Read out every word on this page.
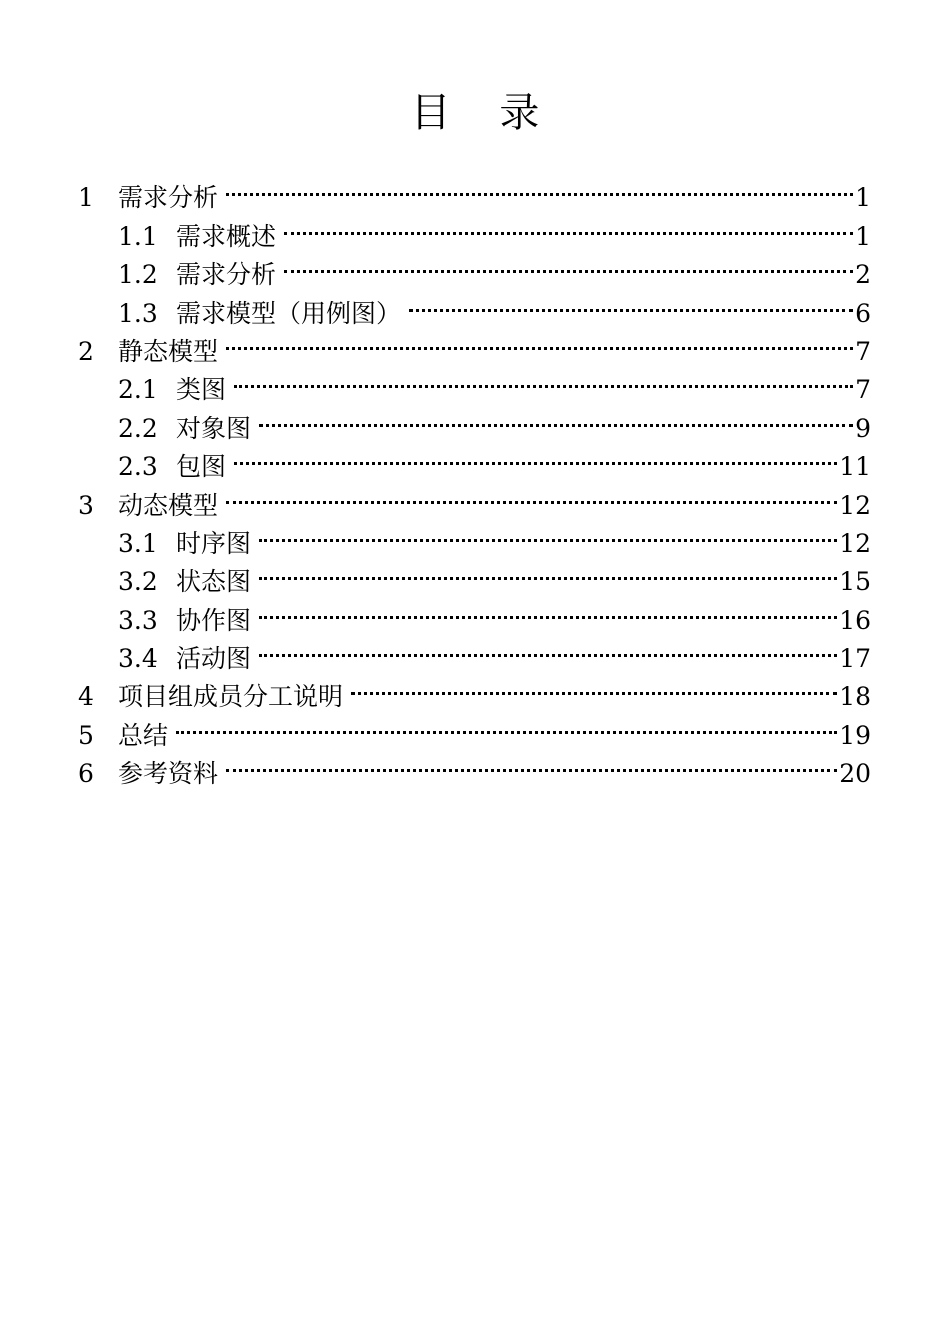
目 录
1 需求分析	1
1.1 需求概述	1
1.2 需求分析	2
1.3 需求模型（用例图）	6
2 静态模型	7
2.1 类图	7
2.2 对象图	9
2.3 包图	11
3 动态模型	12
3.1 时序图	12
3.2 状态图	15
3.3 协作图	16
3.4 活动图	17
4 项目组成员分工说明	18
5 总结	19
6 参考资料	20
